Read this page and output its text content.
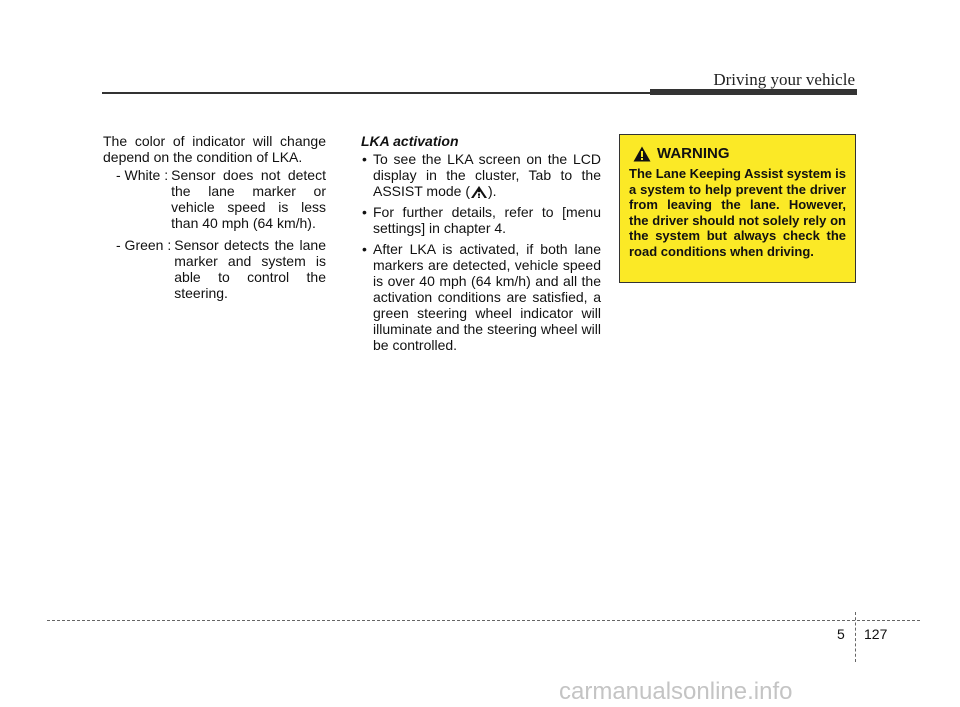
Driving your vehicle

The color of indicator will change depend on the condition of LKA.

- White : Sensor does not detect the lane marker or vehicle speed is less than 40 mph (64 km/h).
- Green : Sensor detects the lane marker and system is able to control the steering.

LKA activation

• To see the LKA screen on the LCD display in the cluster, Tab to the ASSIST mode ( ).
• For further details, refer to [menu settings] in chapter 4.
• After LKA is activated, if both lane markers are detected, vehicle speed is over 40 mph (64 km/h) and all the activation conditions are satisfied, a green steering wheel indicator will illuminate and the steering wheel will be controlled.
WARNING

The Lane Keeping Assist system is a system to help prevent the driver from leaving the lane. However, the driver should not solely rely on the system but always check the road conditions when driving.

5 127
carmanualsonline.info
